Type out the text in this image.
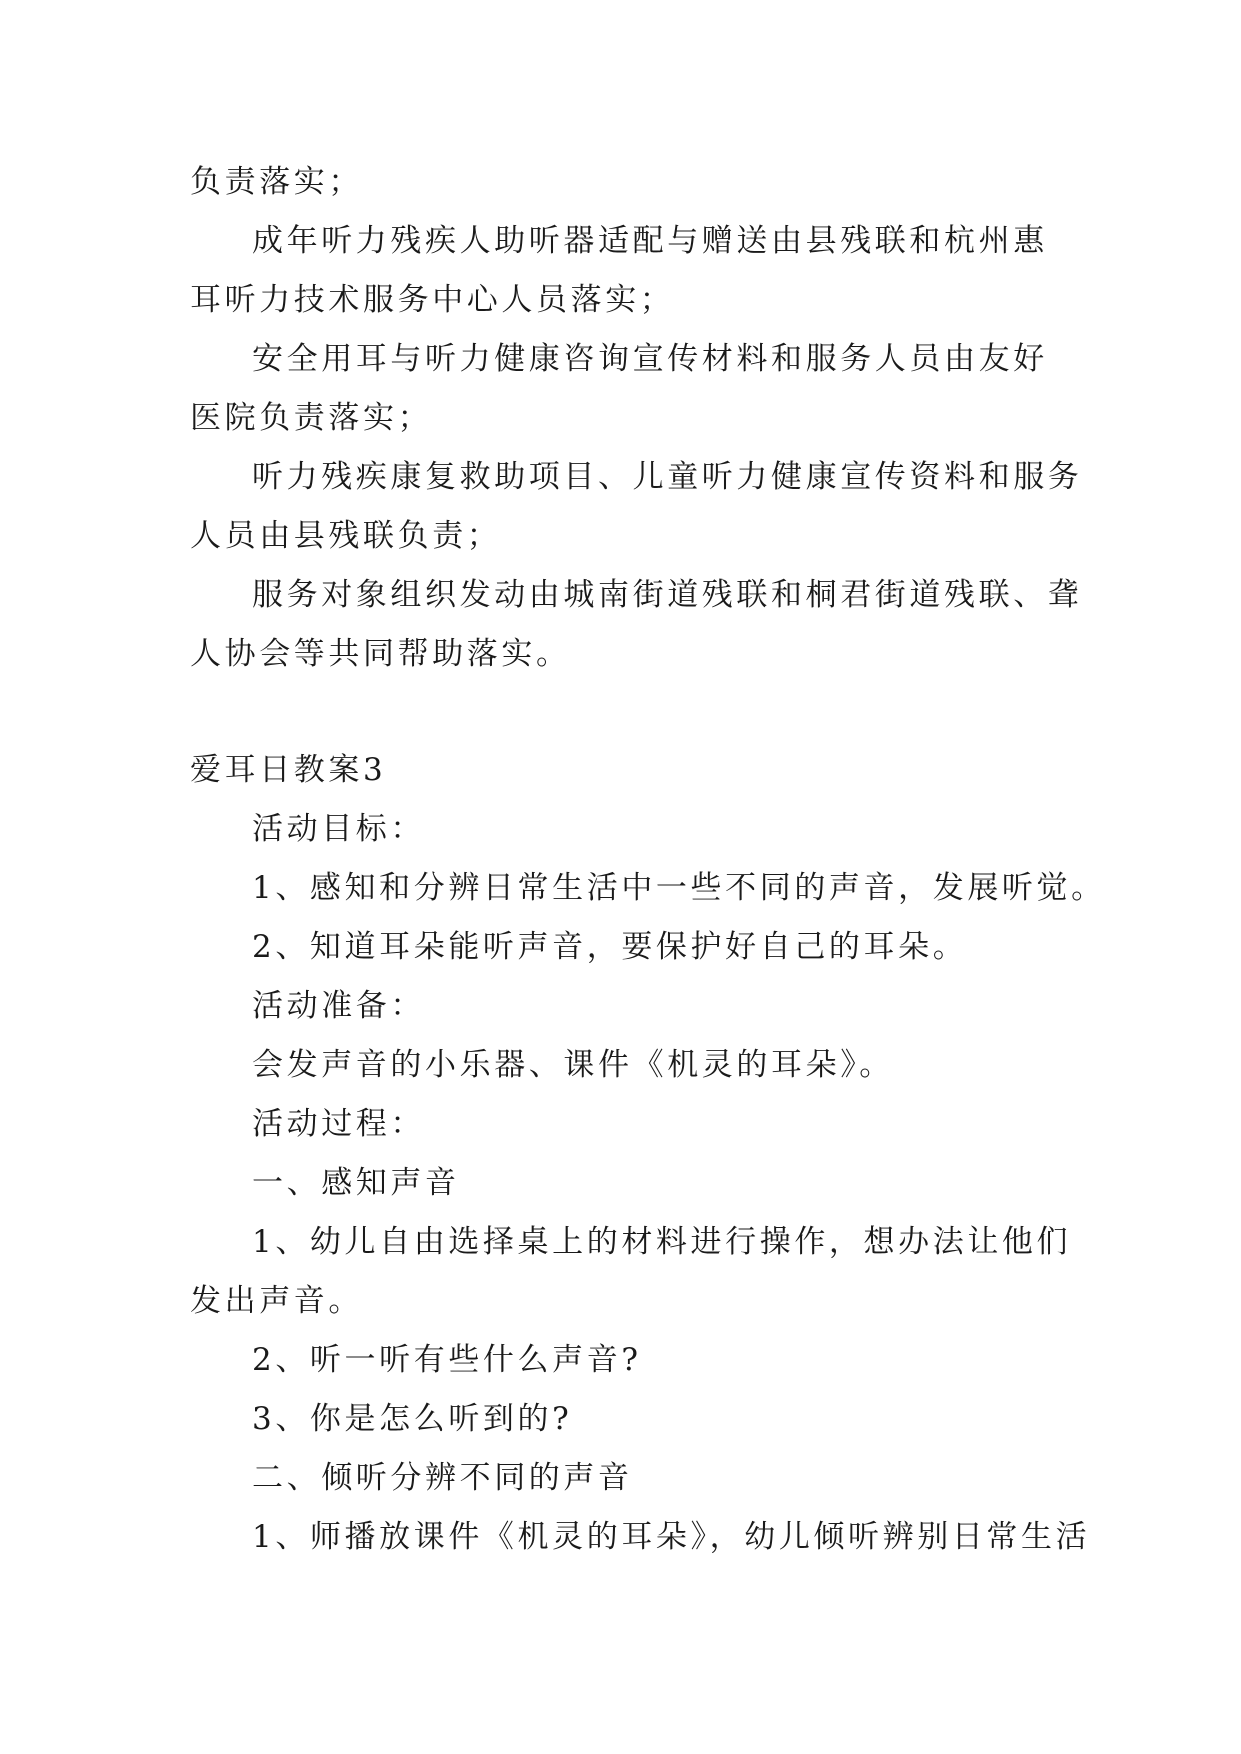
负责落实；
成年听力残疾人助听器适配与赠送由县残联和杭州惠
耳听力技术服务中心人员落实；
安全用耳与听力健康咨询宣传材料和服务人员由友好
医院负责落实；
听力残疾康复救助项目、儿童听力健康宣传资料和服务
人员由县残联负责；
服务对象组织发动由城南街道残联和桐君街道残联、聋
人协会等共同帮助落实。
爱耳日教案3
活动目标：
1、感知和分辨日常生活中一些不同的声音，发展听觉。
2、知道耳朵能听声音，要保护好自己的耳朵。
活动准备：
会发声音的小乐器、课件《机灵的耳朵》。
活动过程：
一、感知声音
1、幼儿自由选择桌上的材料进行操作，想办法让他们
发出声音。
2、听一听有些什么声音?
3、你是怎么听到的?
二、倾听分辨不同的声音
1、师播放课件《机灵的耳朵》，幼儿倾听辨别日常生活
